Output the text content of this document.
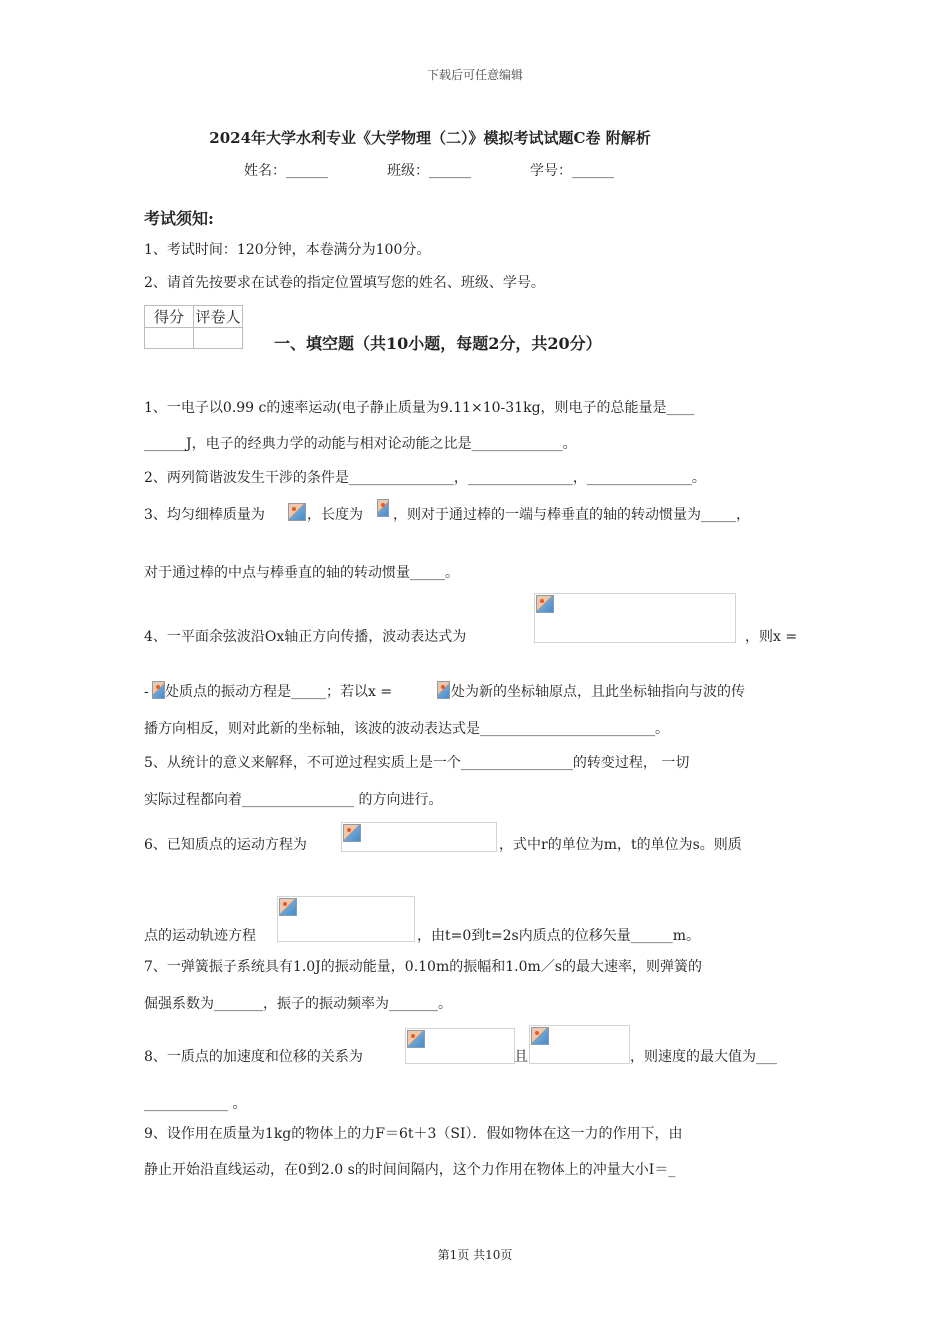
下载后可任意编辑
2024年大学水利专业《大学物理（二）》模拟考试试题C卷 附解析
姓名：______	班级：______	学号：______
考试须知:
1、考试时间：120分钟，本卷满分为100分。
2、请首先按要求在试卷的指定位置填写您的姓名、班级、学号。
得分	评卷人

一、填空题（共10小题，每题2分，共20分）
1、一电子以0.99 c的速率运动(电子静止质量为9.11×10-31kg，则电子的总能量是____
______J，电子的经典力学的动能与相对论动能之比是_____________。
2、两列简谐波发生干涉的条件是_______________，_______________，_______________。
3、均匀细棒质量为	，长度为 ，则对于通过棒的一端与棒垂直的轴的转动惯量为_____，
对于通过棒的中点与棒垂直的轴的转动惯量_____。
4、一平面余弦波沿Ox轴正方向传播，波动表达式为	，则x =
- 处质点的振动方程是_____；若以x =	处为新的坐标轴原点，且此坐标轴指向与波的传
播方向相反，则对此新的坐标轴，该波的波动表达式是_________________________。
5、从统计的意义来解释，不可逆过程实质上是一个________________的转变过程， 一切
实际过程都向着________________ 的方向进行。
6、已知质点的运动方程为	，式中r的单位为m，t的单位为s。则质
点的运动轨迹方程	，由t=0到t=2s内质点的位移矢量______m。
7、一弹簧振子系统具有1.0J的振动能量，0.10m的振幅和1.0m／s的最大速率，则弹簧的
倔强系数为_______，振子的振动频率为_______。
8、一质点的加速度和位移的关系为	且	，则速度的最大值为___
____________ 。
9、设作用在质量为1kg的物体上的力F＝6t＋3（SI）．假如物体在这一力的作用下，由
静止开始沿直线运动，在0到2.0 s的时间间隔内，这个力作用在物体上的冲量大小I＝_
第1页 共10页
